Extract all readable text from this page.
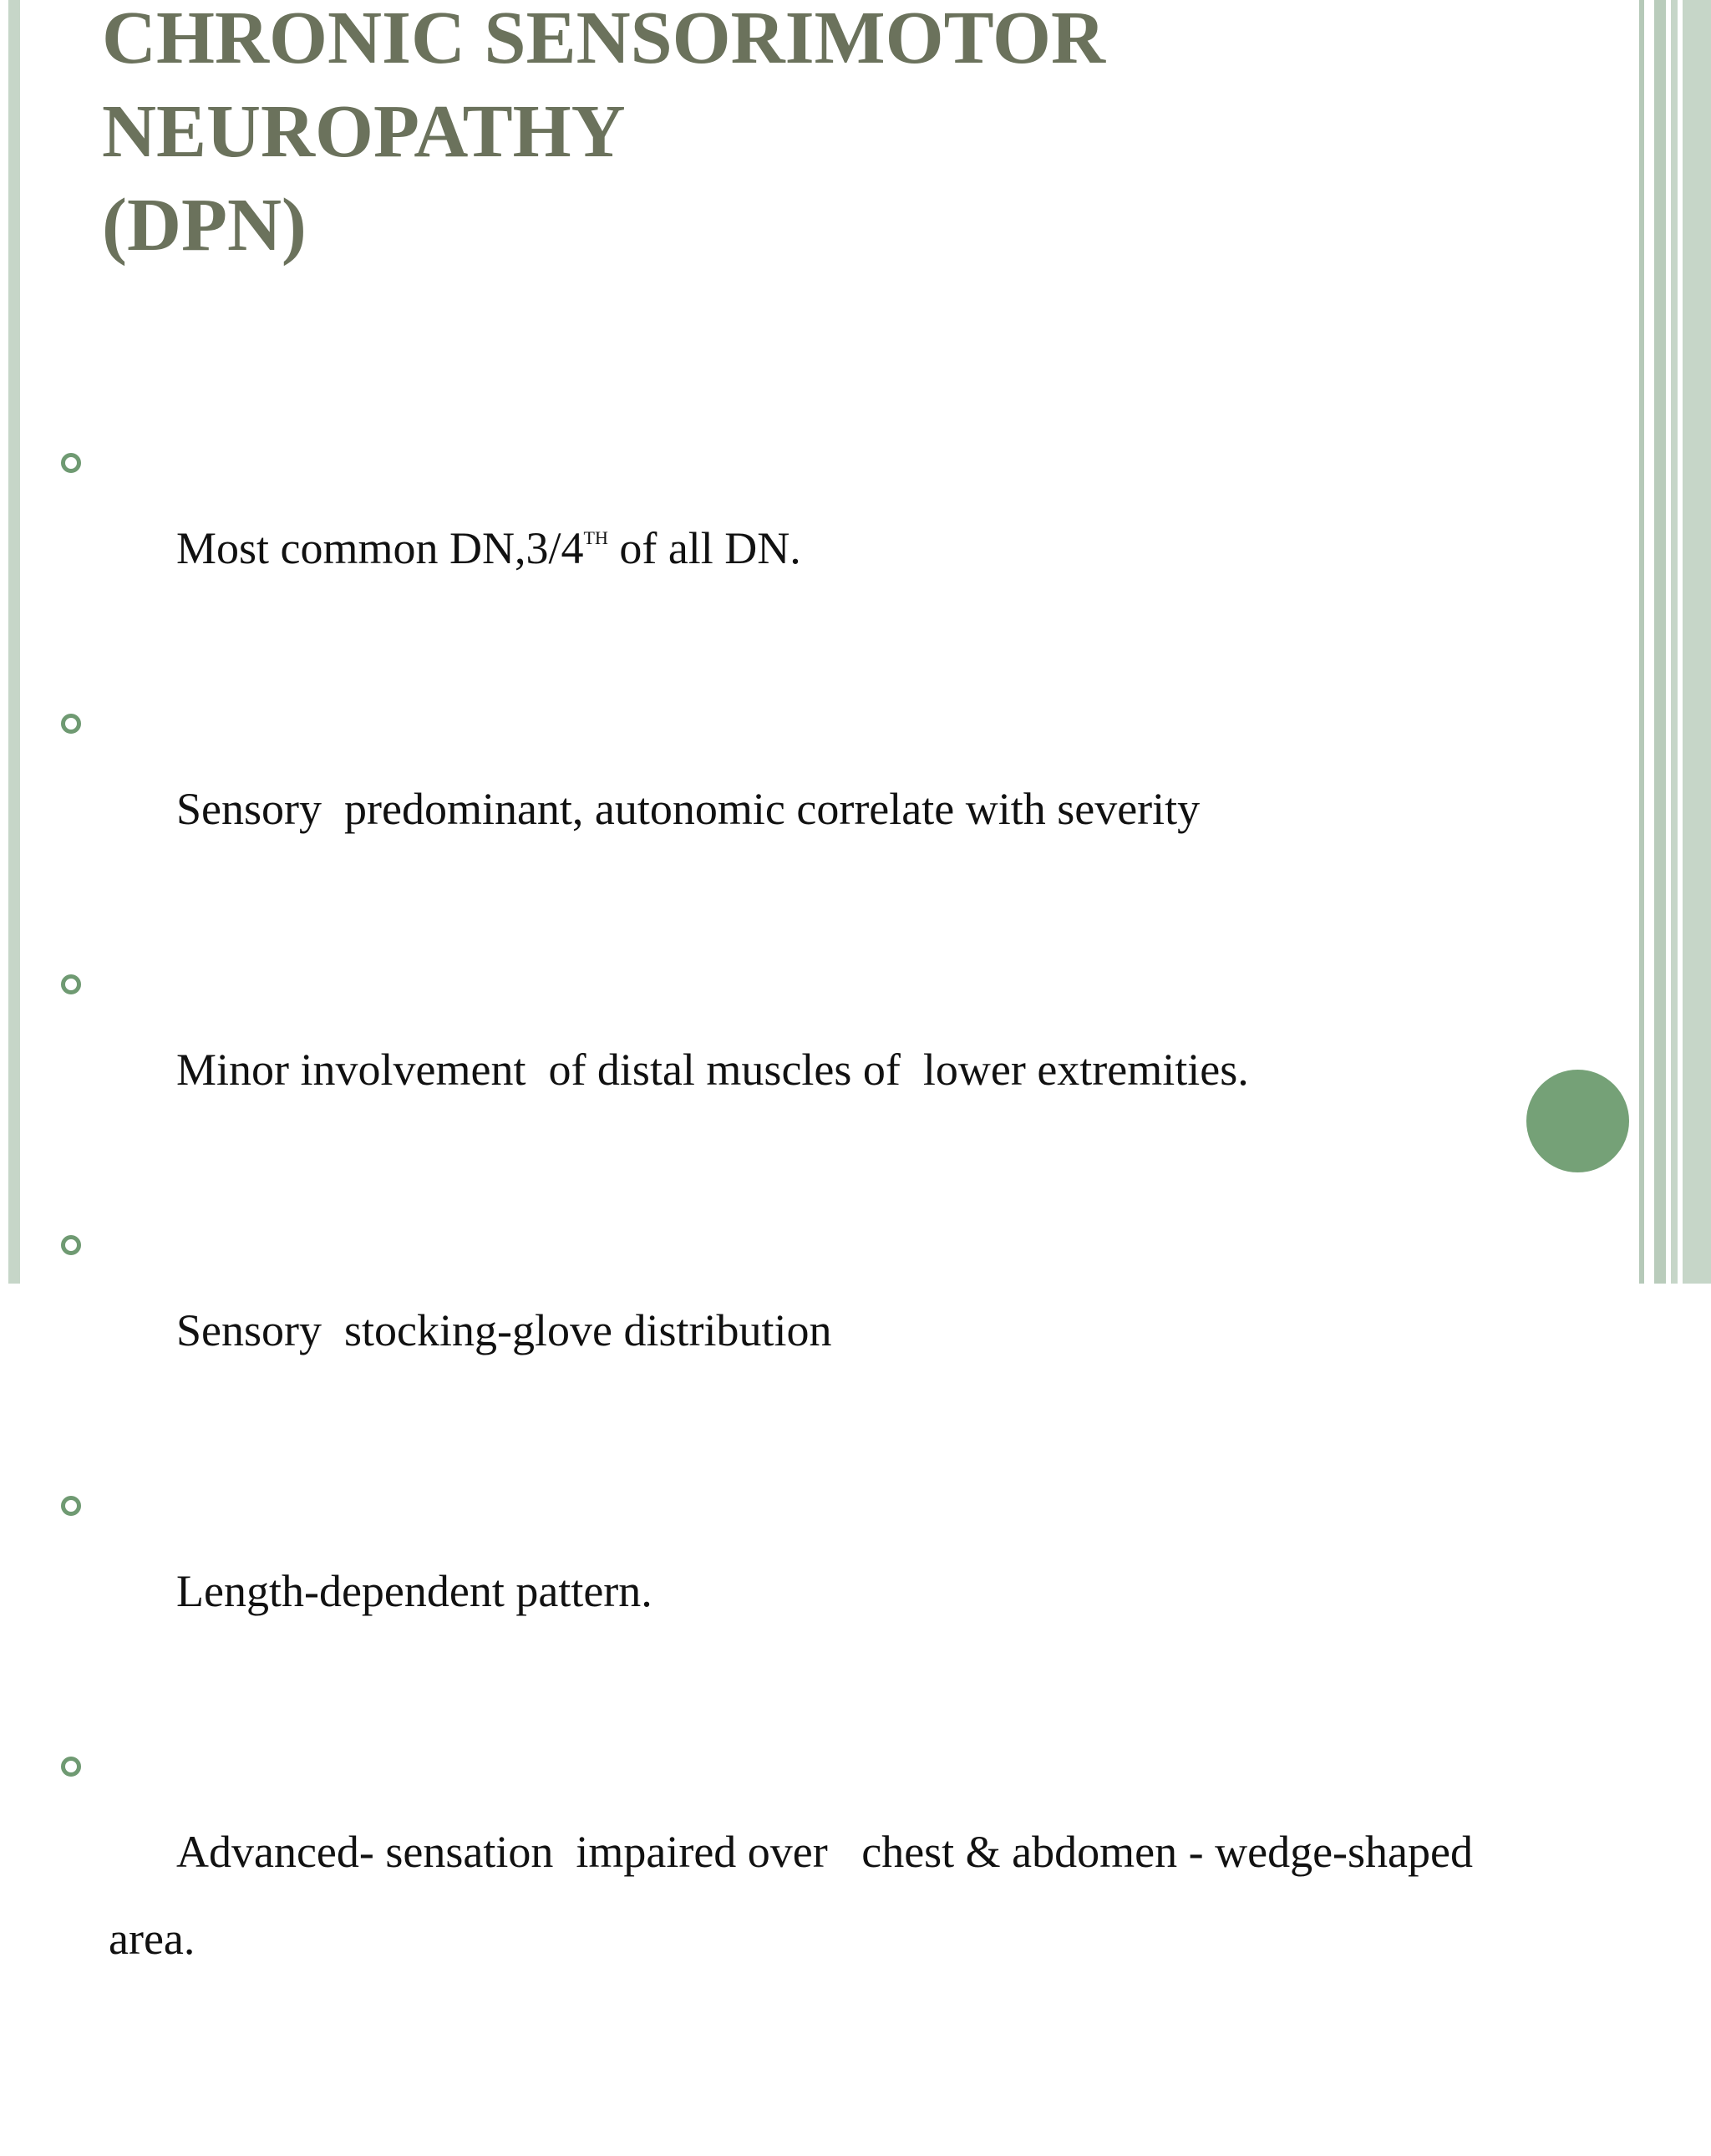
CHRONIC SENSORIMOTOR
NEUROPATHY
(DPN)

Most common DN,3/4TH of all DN.

Sensory  predominant, autonomic correlate with severity

Minor involvement  of distal muscles of  lower extremities.

Sensory  stocking-glove distribution

Length-dependent pattern.

Advanced- sensation  impaired over   chest & abdomen - wedge-shaped
area.
